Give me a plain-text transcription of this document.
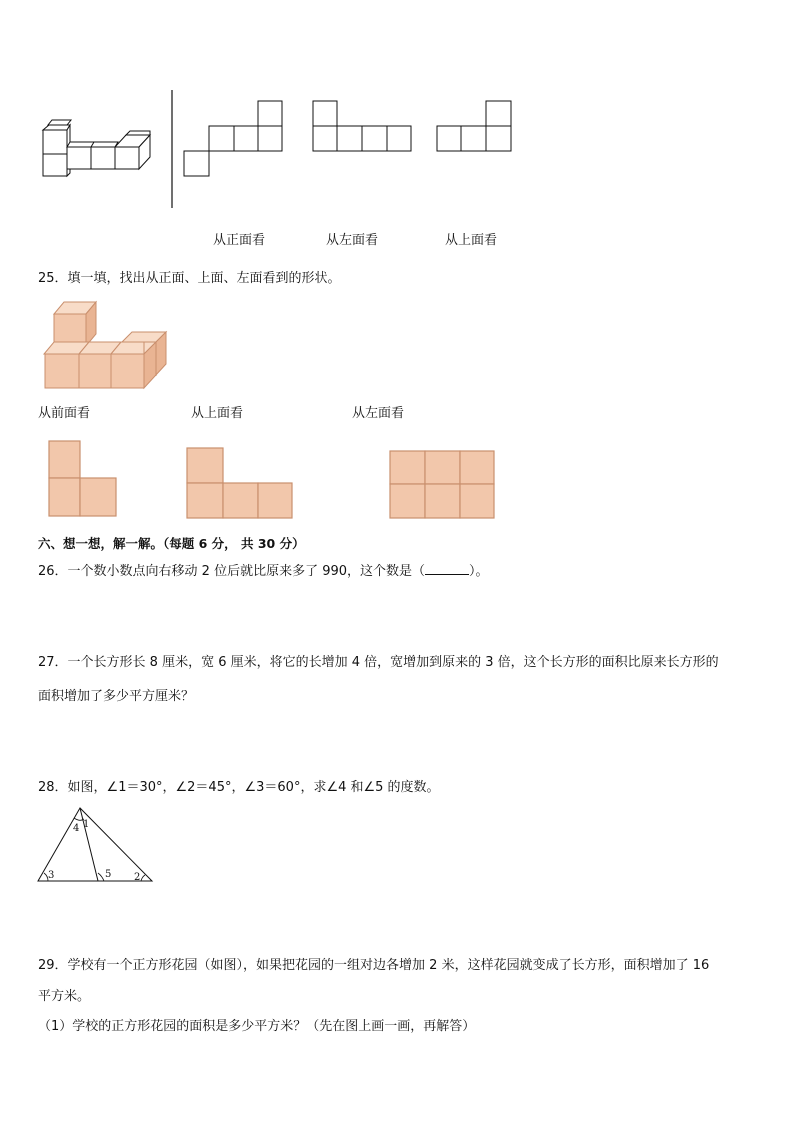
从正面看	从左面看	从上面看
25．填一填，找出从正面、上面、左面看到的形状。
从前面看	从上面看	从左面看
六、想一想，解一解。（每题 6 分， 共 30 分）
26．一个数小数点向右移动 2 位后就比原来多了 990，这个数是（	）。
27．一个长方形长 8 厘米，宽 6 厘米，将它的长增加 4 倍，宽增加到原来的 3 倍，这个长方形的面积比原来长方形的
面积增加了多少平方厘米？
28．如图，∠1＝30°，∠2＝45°，∠3＝60°，求∠4 和∠5 的度数。
1
2
3
4
5
29．学校有一个正方形花园（如图），如果把花园的一组对边各增加 2 米，这样花园就变成了长方形，面积增加了 16
平方米。
（1）学校的正方形花园的面积是多少平方米？（先在图上画一画，再解答）
